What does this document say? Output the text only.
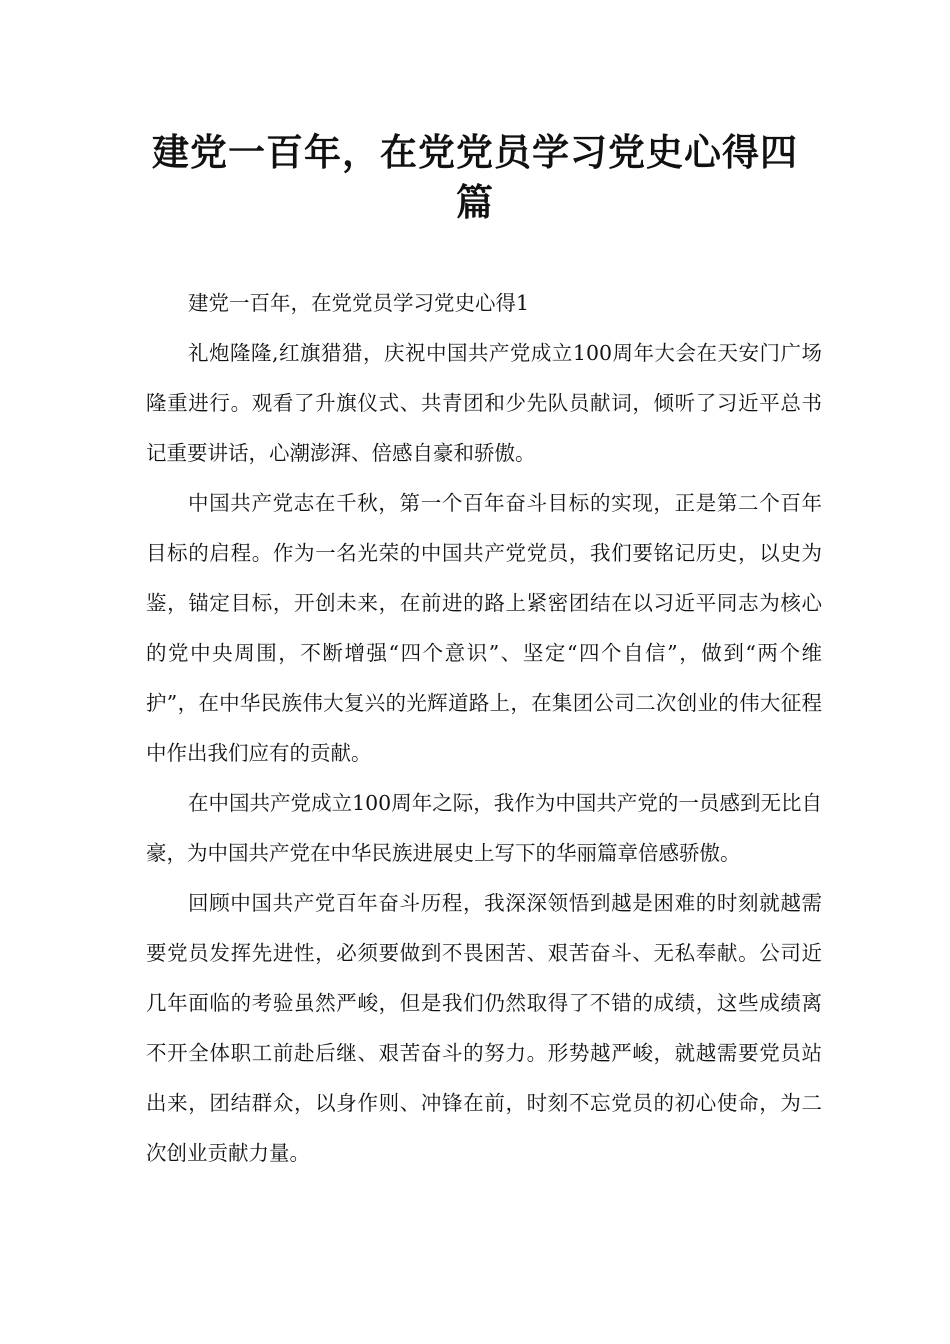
建党一百年，在党党员学习党史心得四篇

建党一百年，在党党员学习党史心得1

礼炮隆隆,红旗猎猎，庆祝中国共产党成立100周年大会在天安门广场隆重进行。观看了升旗仪式、共青团和少先队员献词，倾听了习近平总书记重要讲话，心潮澎湃、倍感自豪和骄傲。

中国共产党志在千秋，第一个百年奋斗目标的实现，正是第二个百年目标的启程。作为一名光荣的中国共产党党员，我们要铭记历史，以史为鉴，锚定目标，开创未来，在前进的路上紧密团结在以习近平同志为核心的党中央周围，不断增强“四个意识”、坚定“四个自信”，做到“两个维护”，在中华民族伟大复兴的光辉道路上，在集团公司二次创业的伟大征程中作出我们应有的贡献。

在中国共产党成立100周年之际，我作为中国共产党的一员感到无比自豪，为中国共产党在中华民族进展史上写下的华丽篇章倍感骄傲。

回顾中国共产党百年奋斗历程，我深深领悟到越是困难的时刻就越需要党员发挥先进性，必须要做到不畏困苦、艰苦奋斗、无私奉献。公司近几年面临的考验虽然严峻，但是我们仍然取得了不错的成绩，这些成绩离不开全体职工前赴后继、艰苦奋斗的努力。形势越严峻，就越需要党员站出来，团结群众，以身作则、冲锋在前，时刻不忘党员的初心使命，为二次创业贡献力量。
